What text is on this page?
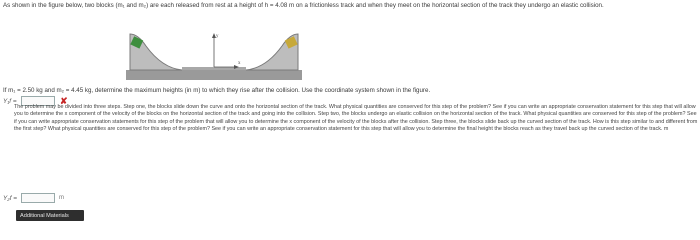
As shown in the figure below, two blocks (m₁ and m₂) are each released from rest at a height of h = 4.08 m on a frictionless track and when they meet on the horizontal section of the track they undergo an elastic collision.
y
x
If m₁ = 2.50 kg and m₂ = 4.45 kg, determine the maximum heights (in m) to which they rise after the collision. Use the coordinate system shown in the figure.
Y₁f =	✘
The problem may be divided into three steps. Step one, the blocks slide down the curve and onto the horizontal section of the track. What physical quantities are conserved for this step of the problem? See if you can write an appropriate conservation statement for this step that will allow you to determine the x component of the velocity of the blocks on the horizontal section of the track and going into the collision. Step two, the blocks undergo an elastic collision on the horizontal section of the track. What physical quantities are conserved for this step of the problem? See if you can write appropriate conservation statements for this step of the problem that will allow you to determine the x component of the velocity of the blocks after the collision. Step three, the blocks slide back up the curved section of the track. How is this step similar to and different from the first step? What physical quantities are conserved for this step of the problem? See if you can write an appropriate conservation statement for this step that will allow you to determine the final height the blocks reach as they travel back up the curved section of the track. m
Y₂f =	m
Additional Materials
